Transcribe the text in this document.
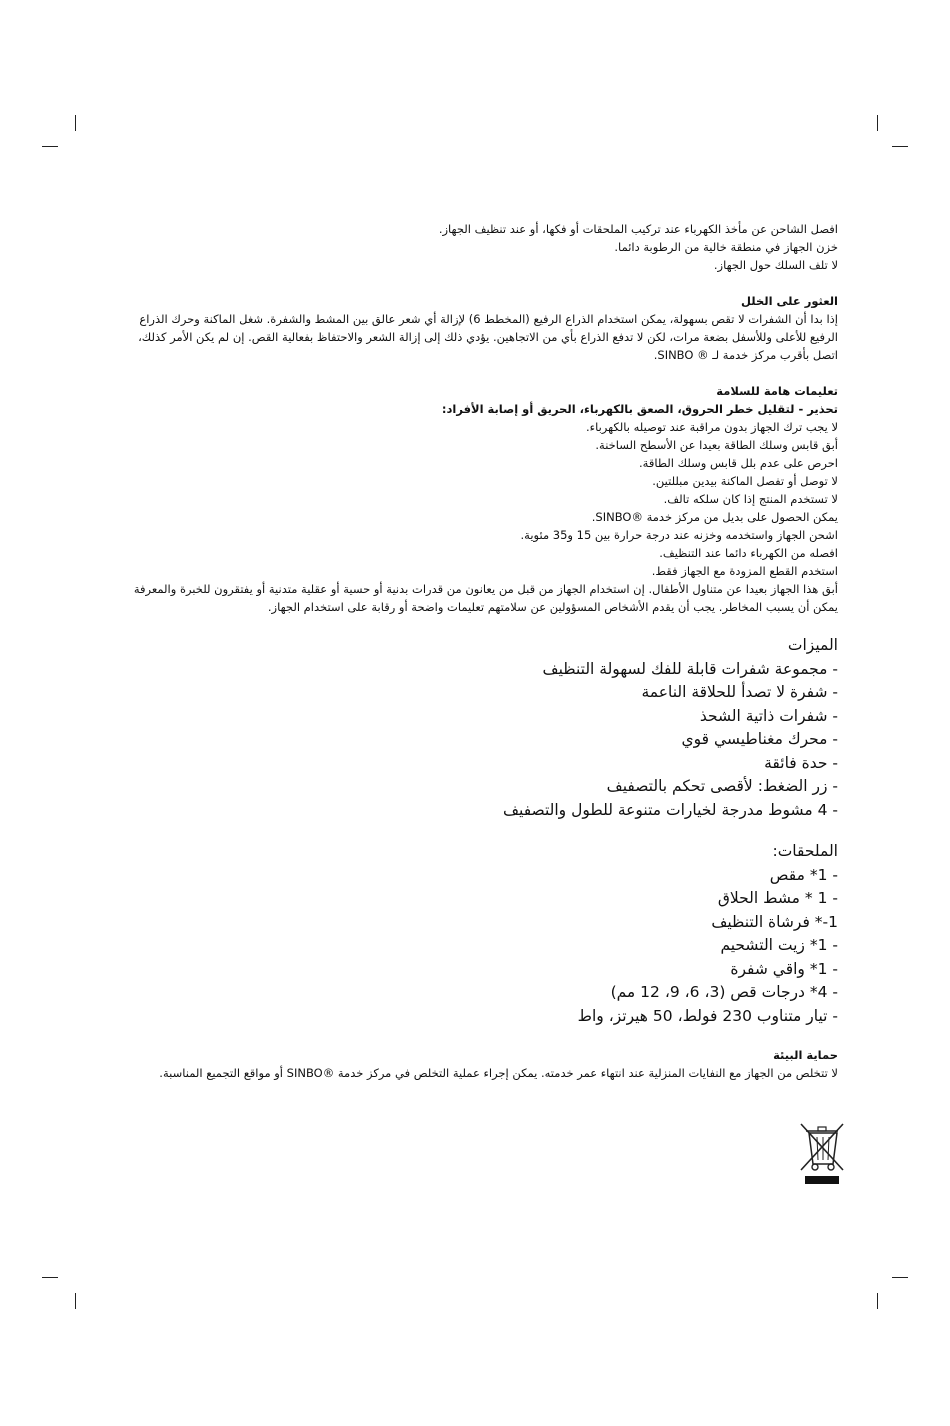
افصل الشاحن عن مأخذ الكهرباء عند تركيب الملحقات أو فكها، أو عند تنظيف الجهاز.

خزن الجهاز في منطقة خالية من الرطوبة دائما.

لا تلف السلك حول الجهاز.

العثور على الخلل

إذا بدا أن الشفرات لا تقص بسهولة، يمكن استخدام الذراع الرفيع (المخطط 6) لإزالة أي شعر عالق بين المشط والشفرة. شغل الماكنة وحرك الذراع الرفيع للأعلى وللأسفل بضعة مرات، لكن لا تدفع الذراع بأي من الاتجاهين. يؤدي ذلك إلى إزالة الشعر والاحتفاظ بفعالية القص. إن لم يكن الأمر كذلك، اتصل بأقرب مركز خدمة لـ ® SINBO.

تعليمات هامة للسلامة

تحذير - لتقليل خطر الحروق، الصعق بالكهرباء، الحريق أو إصابة الأفراد:

لا يجب ترك الجهاز بدون مراقبة عند توصيله بالكهرباء.

أبق قابس وسلك الطاقة بعيدا عن الأسطح الساخنة.

احرص على عدم بلل قابس وسلك الطاقة.

لا توصل أو تفصل الماكنة بيدين مبللتين.

لا تستخدم المنتج إذا كان سلكه تالف.

يمكن الحصول على بديل من مركز خدمة ®SINBO.

اشحن الجهاز واستخدمه وخزنه عند درجة حرارة بين 15 و35 مئوية.

افصله من الكهرباء دائما عند التنظيف.

استخدم القطع المزودة مع الجهاز فقط.

أبق هذا الجهاز بعيدا عن متناول الأطفال. إن استخدام الجهاز من قبل من يعانون من قدرات بدنية أو حسية أو عقلية متدنية أو يفتقرون للخبرة والمعرفة يمكن أن يسبب المخاطر. يجب أن يقدم الأشخاص المسؤولين عن سلامتهم تعليمات واضحة أو رقابة على استخدام الجهاز.

الميزات

- مجموعة شفرات قابلة للفك لسهولة التنظيف

- شفرة لا تصدأ للحلاقة الناعمة

- شفرات ذاتية الشحذ

- محرك مغناطيسي قوي

- حدة فائقة

- زر الضغط: لأقصى تحكم بالتصفيف

- 4 مشوط مدرجة لخيارات متنوعة للطول والتصفيف

الملحقات:

- 1* مقص

- 1 * مشط الحلاق

1-* فرشاة التنظيف

- 1* زيت التشحيم

- 1* واقي شفرة

- 4* درجات قص (3، 6، 9، 12 مم)

- تيار متناوب 230 فولط، 50 هيرتز، واط

حماية البيئة

لا تتخلص من الجهاز مع النفايات المنزلية عند انتهاء عمر خدمته. يمكن إجراء عملية التخلص في مركز خدمة ®SINBO أو مواقع التجميع المناسبة.
